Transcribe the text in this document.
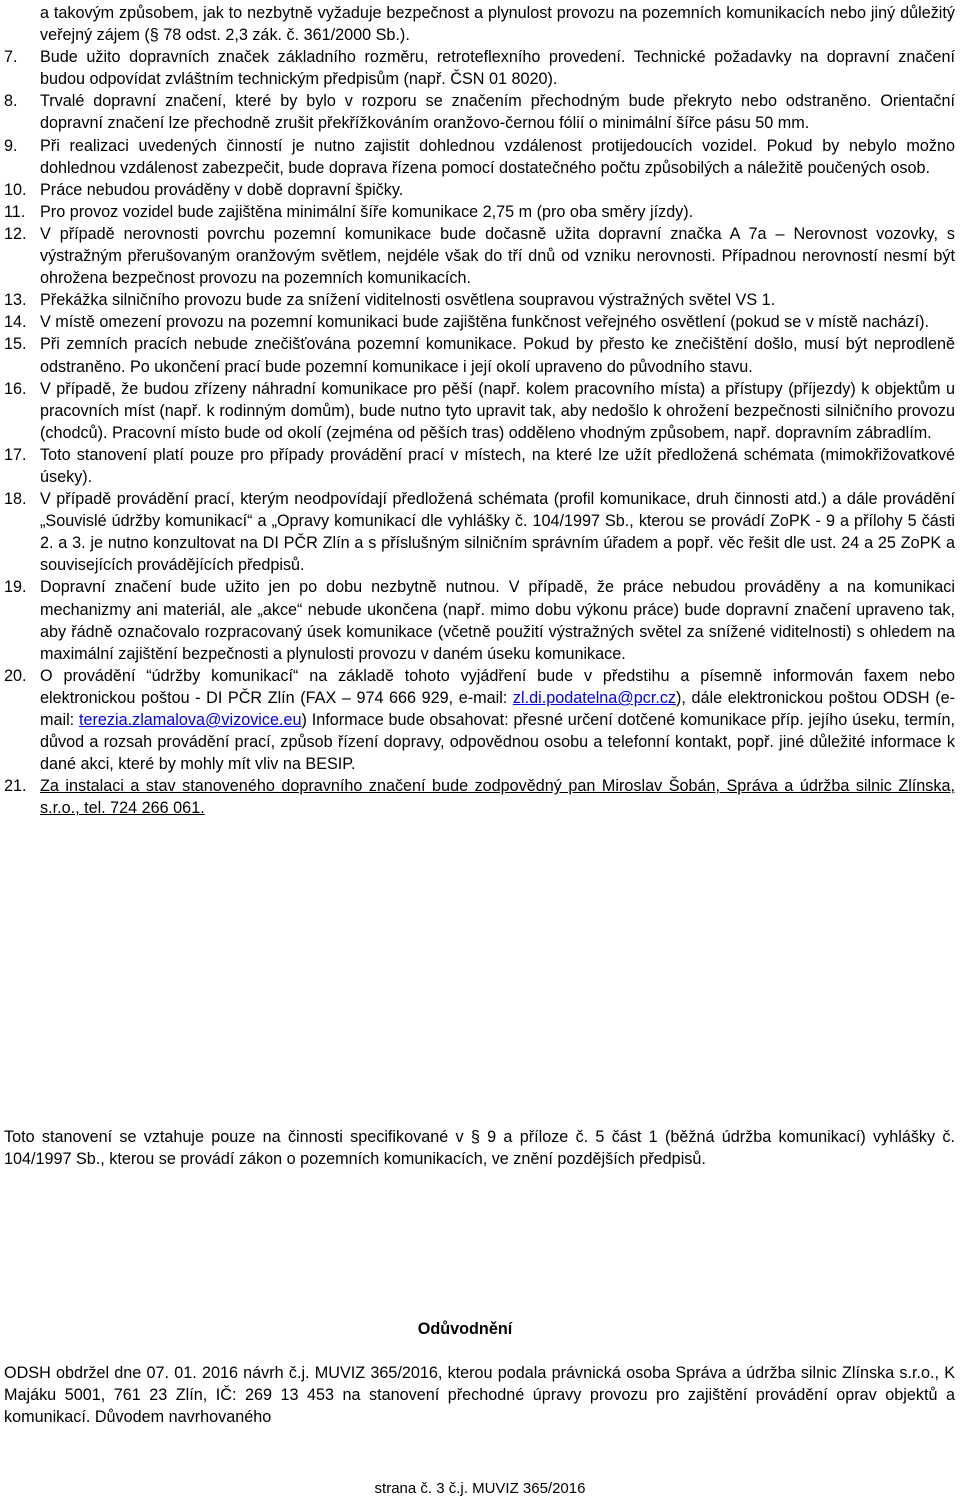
a takovým způsobem, jak to nezbytně vyžaduje bezpečnost a plynulost provozu na pozemních komunikacích nebo jiný důležitý veřejný zájem (§ 78 odst. 2,3 zák. č. 361/2000 Sb.).
7.	Bude užito dopravních značek základního rozměru, retroteflexního provedení. Technické požadavky na dopravní značení budou odpovídat zvláštním technickým předpisům (např. ČSN 01 8020).
8.	Trvalé dopravní značení, které by bylo v rozporu se značením přechodným bude překryto nebo odstraněno. Orientační dopravní značení lze přechodně zrušit překřížkováním oranžovo-černou fólií o minimální šířce pásu 50 mm.
9.	Při realizaci uvedených činností je nutno zajistit dohlednou vzdálenost protijedoucích vozidel. Pokud by nebylo možno dohlednou vzdálenost zabezpečit, bude doprava řízena pomocí dostatečného počtu způsobilých a náležitě poučených osob.
10. Práce nebudou prováděny v době dopravní špičky.
11. Pro provoz vozidel bude zajištěna minimální šíře komunikace 2,75 m (pro oba směry jízdy).
12. V případě nerovnosti povrchu pozemní komunikace bude dočasně užita dopravní značka A 7a – Nerovnost vozovky, s výstražným přerušovaným oranžovým světlem, nejdéle však do tří dnů od vzniku nerovnosti. Případnou nerovností nesmí být ohrožena bezpečnost provozu na pozemních komunikacích.
13. Překážka silničního provozu bude za snížení viditelnosti osvětlena soupravou výstražných světel VS 1.
14. V místě omezení provozu na pozemní komunikaci bude zajištěna funkčnost veřejného osvětlení (pokud se v místě nachází).
15. Při zemních pracích nebude znečišťována pozemní komunikace. Pokud by přesto ke znečištění došlo, musí být neprodleně odstraněno. Po ukončení prací bude pozemní komunikace i její okolí upraveno do původního stavu.
16. V případě, že budou zřízeny náhradní komunikace pro pěší (např. kolem pracovního místa) a přístupy (příjezdy) k objektům u pracovních míst (např. k rodinným domům), bude nutno tyto upravit tak, aby nedošlo k ohrožení bezpečnosti silničního provozu (chodců). Pracovní místo bude od okolí (zejména od pěších tras) odděleno vhodným způsobem, např. dopravním zábradlím.
17. Toto stanovení platí pouze pro případy provádění prací v místech, na které lze užít předložená schémata (mimokřižovatkové úseky).
18. V případě provádění prací, kterým neodpovídají předložená schémata (profil komunikace, druh činnosti atd.) a dále provádění „Souvislé údržby komunikací“ a „Opravy komunikací dle vyhlášky č. 104/1997 Sb., kterou se provádí ZoPK - 9 a přílohy 5 části 2. a 3. je nutno konzultovat na DI PČR Zlín a s příslušným silničním správním úřadem a popř. věc řešit dle ust. 24 a 25 ZoPK a souvisejících provádějících předpisů.
19. Dopravní značení bude užito jen po dobu nezbytně nutnou. V případě, že práce nebudou prováděny a na komunikaci mechanizmy ani materiál, ale „akce“ nebude ukončena (např. mimo dobu výkonu práce) bude dopravní značení upraveno tak, aby řádně označovalo rozpracovaný úsek komunikace (včetně použití výstražných světel za snížené viditelnosti) s ohledem na maximální zajištění bezpečnosti a plynulosti provozu v daném úseku komunikace.
20. O provádění “údržby komunikací“ na základě tohoto vyjádření bude v předstihu a písemně informován faxem nebo elektronickou poštou - DI PČR Zlín (FAX – 974 666 929, e-mail: zl.di.podatelna@pcr.cz), dále elektronickou poštou ODSH (e-mail: terezia.zlamalova@vizovice.eu) Informace bude obsahovat: přesné určení dotčené komunikace příp. jejího úseku, termín, důvod a rozsah provádění prací, způsob řízení dopravy, odpovědnou osobu a telefonní kontakt, popř. jiné důležité informace k dané akci, které by mohly mít vliv na BESIP.
21. Za instalaci a stav stanoveného dopravního značení bude zodpovědný pan Miroslav Šobán, Správa a údržba silnic Zlínska, s.r.o., tel. 724 266 061.
Toto stanovení se vztahuje pouze na činnosti specifikované v § 9 a příloze č. 5 část 1 (běžná údržba komunikací) vyhlášky č. 104/1997 Sb., kterou se provádí zákon o pozemních komunikacích, ve znění pozdějších předpisů.
Odůvodnění
ODSH obdržel dne 07. 01. 2016 návrh č.j. MUVIZ 365/2016, kterou podala právnická osoba Správa a údržba silnic Zlínska s.r.o., K Majáku 5001, 761 23 Zlín, IČ: 269 13 453 na stanovení přechodné úpravy provozu pro zajištění provádění oprav objektů a komunikací. Důvodem navrhovaného
strana č. 3 č.j. MUVIZ 365/2016
